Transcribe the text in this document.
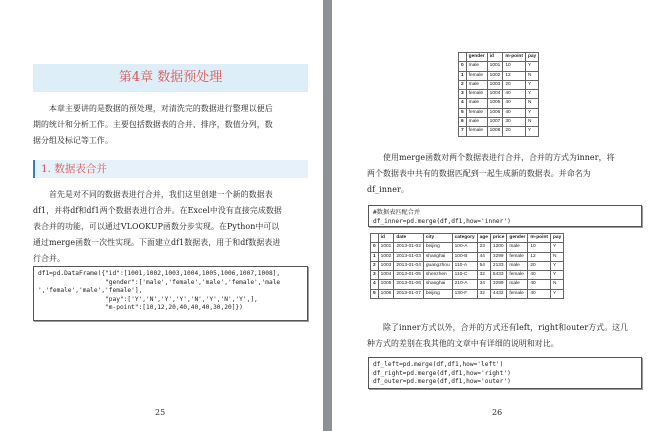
第4章 数据预处理

本章主要讲的是数据的预处理，对清洗完的数据进行整理以便后
期的统计和分析工作。主要包括数据表的合并、排序，数值分列，数
据分组及标记等工作。

1. 数据表合并

首先是对不同的数据表进行合并，我们这里创建一个新的数据表
df1，并将df和df1两个数据表进行合并。在Excel中没有直接完成数据
表合并的功能，可以通过VLOOKUP函数分步实现。在Python中可以
通过merge函数一次性实现。下面建立df1数据表，用于和df数据表进
行合并。

df1=pd.DataFrame({"id":[1001,1002,1003,1004,1005,1006,1007,1008],
"gender":['male','female','male','female','male
','female','male','female'],
"pay":['Y','N','Y','Y','N','Y','N','Y',],
"m-point":[10,12,20,40,40,40,30,20]})
25
	gender	id	m-point	pay
0	male	1001	10	Y
1	female	1002	12	N
2	male	1003	20	Y
3	female	1004	40	Y
4	male	1005	40	N
5	female	1006	40	Y
6	male	1007	30	N
7	female	1008	20	Y

使用merge函数对两个数据表进行合并，合并的方式为inner，将
两个数据表中共有的数据匹配到一起生成新的数据表。并命名为
df_inner。

#数据表匹配合并
df_inner=pd.merge(df,df1,how='inner')
	id	date	city	category	age	price	gender	m-point	pay
0	1001	2013-01-02	beijing	100-A	23	1200	male	10	Y
1	1002	2013-01-03	shanghai	100-B	44	3299	female	12	N
2	1003	2013-01-04	guangzhou	110-A	54	2133	male	20	Y
3	1004	2013-01-05	shenzhen	110-C	32	5433	female	40	Y
4	1005	2013-01-06	shanghai	210-A	34	3299	male	40	N
5	1006	2013-01-07	beijing	130-F	32	4432	female	40	Y

除了inner方式以外，合并的方式还有left，right和outer方式。这几
种方式的差别在我其他的文章中有详细的说明和对比。

df_left=pd.merge(df,df1,how='left')
df_right=pd.merge(df,df1,how='right')
df_outer=pd.merge(df,df1,how='outer')
26
